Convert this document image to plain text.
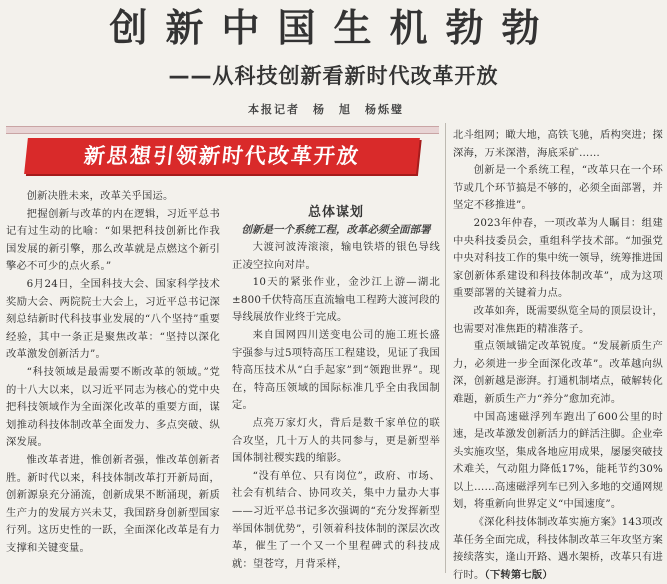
创新中国生机勃勃
——从科技创新看新时代改革开放
本报记者　杨　旭　杨烁璧
新思想引领新时代改革开放

创新决胜未来，改革关乎国运。

把握创新与改革的内在逻辑，习近平总书记有过生动的比喻：“如果把科技创新比作我国发展的新引擎，那么改革就是点燃这个新引擎必不可少的点火系。”

6月24日，全国科技大会、国家科学技术奖励大会、两院院士大会上，习近平总书记深刻总结新时代科技事业发展的“八个坚持”重要经验，其中一条正是聚焦改革：“坚持以深化改革激发创新活力”。

“科技领域是最需要不断改革的领域。”党的十八大以来，以习近平同志为核心的党中央把科技领域作为全面深化改革的重要方面，谋划推动科技体制改革全面发力、多点突破、纵深发展。

惟改革者进，惟创新者强，惟改革创新者胜。新时代以来，科技体制改革打开新局面，创新源泉充分涌流，创新成果不断涌现，新质生产力的发展方兴未艾，我国跻身创新型国家行列。这历史性的一跃，全面深化改革是有力支撑和关键变量。

总体谋划
创新是一个系统工程，改革必须全面部署

大渡河波涛滚滚，输电铁塔的银色导线正凌空拉向对岸。

10天的紧张作业，金沙江上游—湖北±800千伏特高压直流输电工程跨大渡河段的导线展放作业终于完成。

来自国网四川送变电公司的施工班长盛宇强参与过5项特高压工程建设，见证了我国特高压技术从“白手起家”到“领跑世界”。现在，特高压领域的国际标准几乎全由我国制定。

点亮万家灯火，背后是数千家单位的联合攻坚，几十万人的共同参与，更是新型举国体制社稷实践的缩影。

“没有单位、只有岗位”，政府、市场、社会有机结合、协同攻关，集中力量办大事——习近平总书记多次强调的“充分发挥新型举国体制优势”，引领着科技体制的深层次改革，催生了一个又一个里程碑式的科技成就：望苍穹，月背采样，

北斗组网；瞰大地，高铁飞驰，盾构突进；探深海，万米深潜，海底采矿……

创新是一个系统工程，“改革只在一个环节或几个环节搞是不够的，必须全面部署，并坚定不移推进”。

2023年仲春，一项改革为人瞩目：组建中央科技委员会，重组科学技术部。“加强党中央对科技工作的集中统一领导，统筹推进国家创新体系建设和科技体制改革”，成为这项重要部署的关键着力点。

改革如奔，既需要纵览全局的顶层设计，也需要对准焦距的精准落子。

重点领域锚定改革锐度。“发展新质生产力，必须进一步全面深化改革”。改革越向纵深，创新越是澎湃。打通机制堵点，破解转化难题，新质生产力“养分”愈加充沛。

中国高速磁浮列车跑出了600公里的时速，是改革激发创新活力的鲜活注脚。企业牵头实施攻坚，集成各地应用成果，屡屡突破技术难关，气动阻力降低17%，能耗节约30%以上……高速磁浮列车已列入多地的交通网规划，将重新向世界定义“中国速度”。

《深化科技体制改革实施方案》143项改革任务全面完成，科技体制改革三年攻坚方案接续落实，逢山开路、遇水架桥，改革只有进行时。（下转第七版）
